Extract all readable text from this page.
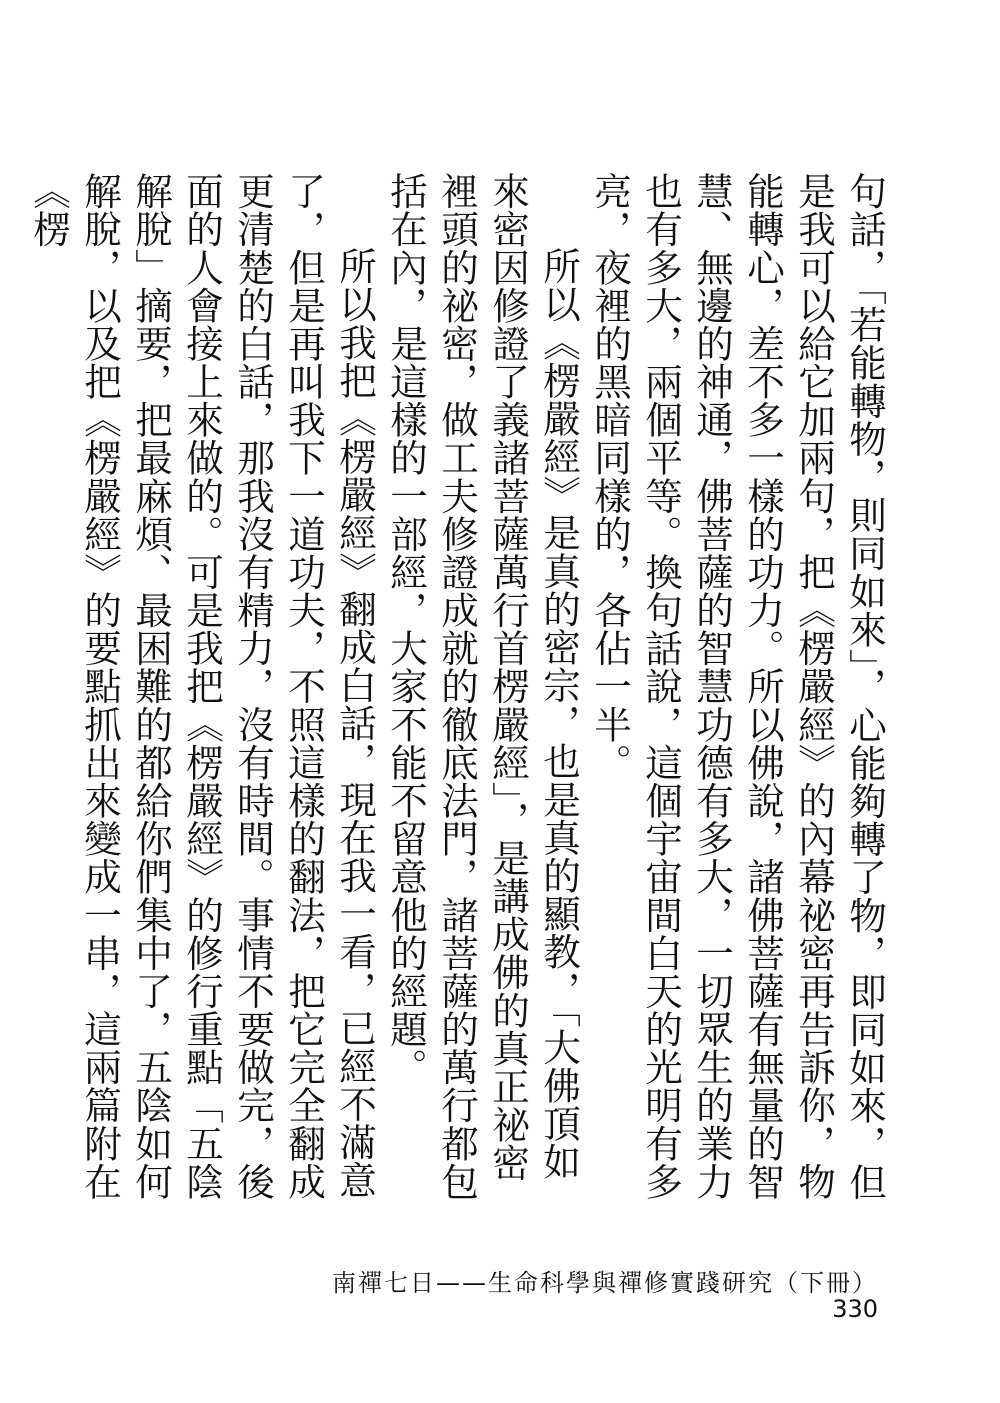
句話，「若能轉物，則同如來」，心能夠轉了物，即同如來，但是我可以給它加兩句，把《楞嚴經》的內幕祕密再告訴你，物能轉心，差不多一樣的功力。所以佛說，諸佛菩薩有無量的智慧、無邊的神通，佛菩薩的智慧功德有多大，一切眾生的業力也有多大，兩個平等。換句話說，這個宇宙間白天的光明有多亮，夜裡的黑暗同樣的，各佔一半。

所以《楞嚴經》是真的密宗，也是真的顯教，「大佛頂如來密因修證了義諸菩薩萬行首楞嚴經」，是講成佛的真正祕密裡頭的祕密，做工夫修證成就的徹底法門，諸菩薩的萬行都包括在內，是這樣的一部經，大家不能不留意他的經題。

所以我把《楞嚴經》翻成白話，現在我一看，已經不滿意了，但是再叫我下一道功夫，不照這樣的翻法，把它完全翻成更清楚的白話，那我沒有精力，沒有時間。事情不要做完，後面的人會接上來做的。可是我把《楞嚴經》的修行重點「五陰解脫」摘要，把最麻煩、最困難的都給你們集中了，五陰如何解脫，以及把《楞嚴經》的要點抓出來變成一串，這兩篇附在《楞

南禪七日——生命科學與禪修實踐研究（下冊）
330
